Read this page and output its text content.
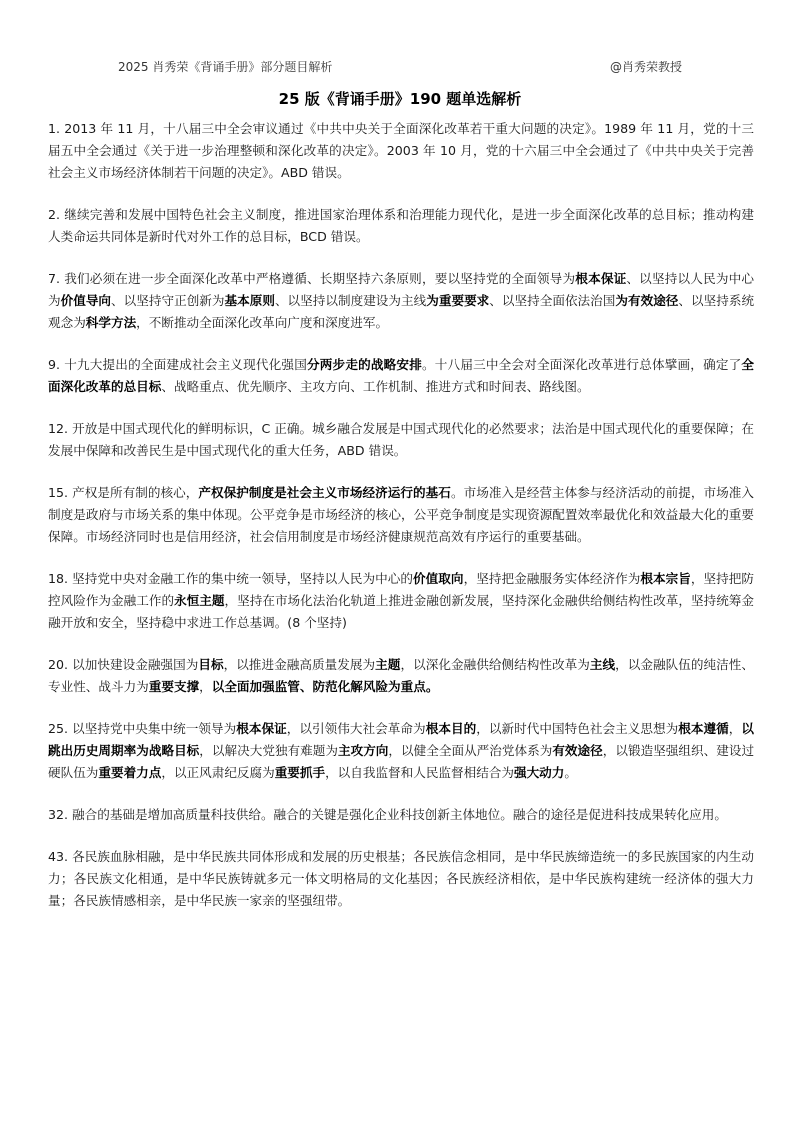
2025 肖秀荣《背诵手册》部分题目解析	@肖秀荣教授
25 版《背诵手册》190 题单选解析

1. 2013 年 11 月，十八届三中全会审议通过《中共中央关于全面深化改革若干重大问题的决定》。1989 年 11 月，党的十三届五中全会通过《关于进一步治理整顿和深化改革的决定》。2003 年 10 月，党的十六届三中全会通过了《中共中央关于完善社会主义市场经济体制若干问题的决定》。ABD 错误。

2. 继续完善和发展中国特色社会主义制度，推进国家治理体系和治理能力现代化，是进一步全面深化改革的总目标；推动构建人类命运共同体是新时代对外工作的总目标，BCD 错误。

7. 我们必须在进一步全面深化改革中严格遵循、长期坚持六条原则，要以坚持党的全面领导为根本保证、以坚持以人民为中心为价值导向、以坚持守正创新为基本原则、以坚持以制度建设为主线为重要要求、以坚持全面依法治国为有效途径、以坚持系统观念为科学方法，不断推动全面深化改革向广度和深度进军。

9. 十九大提出的全面建成社会主义现代化强国分两步走的战略安排。十八届三中全会对全面深化改革进行总体擘画，确定了全面深化改革的总目标、战略重点、优先顺序、主攻方向、工作机制、推进方式和时间表、路线图。

12. 开放是中国式现代化的鲜明标识，C 正确。城乡融合发展是中国式现代化的必然要求；法治是中国式现代化的重要保障；在发展中保障和改善民生是中国式现代化的重大任务，ABD 错误。

15. 产权是所有制的核心，产权保护制度是社会主义市场经济运行的基石。市场准入是经营主体参与经济活动的前提，市场准入制度是政府与市场关系的集中体现。公平竞争是市场经济的核心，公平竞争制度是实现资源配置效率最优化和效益最大化的重要保障。市场经济同时也是信用经济，社会信用制度是市场经济健康规范高效有序运行的重要基础。

18. 坚持党中央对金融工作的集中统一领导，坚持以人民为中心的价值取向，坚持把金融服务实体经济作为根本宗旨，坚持把防控风险作为金融工作的永恒主题，坚持在市场化法治化轨道上推进金融创新发展，坚持深化金融供给侧结构性改革，坚持统筹金融开放和安全，坚持稳中求进工作总基调。(8 个坚持)

20. 以加快建设金融强国为目标，以推进金融高质量发展为主题，以深化金融供给侧结构性改革为主线，以金融队伍的纯洁性、专业性、战斗力为重要支撑，以全面加强监管、防范化解风险为重点。

25. 以坚持党中央集中统一领导为根本保证，以引领伟大社会革命为根本目的，以新时代中国特色社会主义思想为根本遵循，以跳出历史周期率为战略目标，以解决大党独有难题为主攻方向，以健全全面从严治党体系为有效途径，以锻造坚强组织、建设过硬队伍为重要着力点，以正风肃纪反腐为重要抓手，以自我监督和人民监督相结合为强大动力。

32. 融合的基础是增加高质量科技供给。融合的关键是强化企业科技创新主体地位。融合的途径是促进科技成果转化应用。

43. 各民族血脉相融，是中华民族共同体形成和发展的历史根基；各民族信念相同，是中华民族缔造统一的多民族国家的内生动力；各民族文化相通，是中华民族铸就多元一体文明格局的文化基因；各民族经济相依，是中华民族构建统一经济体的强大力量；各民族情感相亲，是中华民族一家亲的坚强纽带。
